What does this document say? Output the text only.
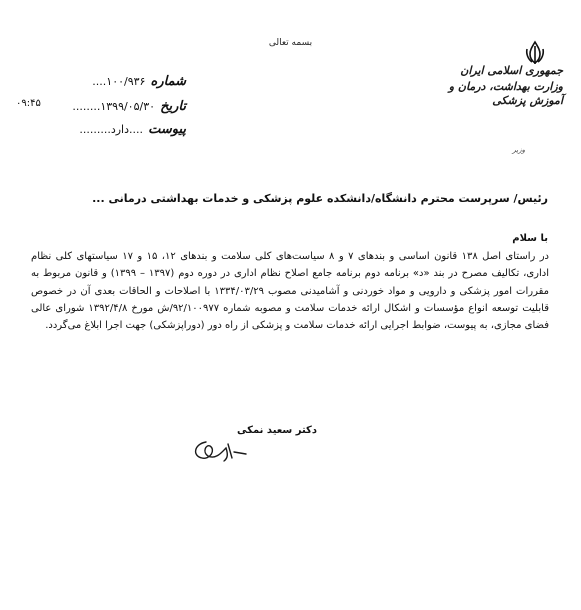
بسمه تعالی
جمهوری اسلامی ایران
وزارت بهداشت، درمان و آموزش پزشکی
وزیر
شماره ۱۰۰/۹۳۶....
تاریخ ۱۳۹۹/۰۵/۳۰........
پیوست ....دارد.........
۰۹:۴۵
رئیس/ سرپرست محترم دانشگاه/دانشکده علوم پزشکی و خدمات بهداشتی درمانی ...
با سلام
در راستای اصل ۱۳۸ قانون اساسی و بندهای ۷ و ۸ سیاست‌های کلی سلامت و بندهای ۱۲، ۱۵ و ۱۷ سیاستهای کلی نظام اداری، تکالیف مصرح در بند «د» برنامه دوم برنامه جامع اصلاح نظام اداری در دوره دوم (۱۳۹۷ – ۱۳۹۹) و قانون مربوط به مقررات امور پزشکی و دارویی و مواد خوردنی و آشامیدنی مصوب ۱۳۳۴/۰۳/۲۹ با اصلاحات و الحاقات بعدی آن در خصوص قابلیت توسعه انواع مؤسسات و اشکال ارائه خدمات سلامت و مصوبه شماره ۹۲/۱۰۰۹۷۷/ش مورخ ۱۳۹۲/۴/۸ شورای عالی فضای مجازی، به پیوست، ضوابط اجرایی ارائه خدمات سلامت و پزشکی از راه دور (دوراپزشکی) جهت اجرا ابلاغ می‌گردد.
دکتر سعید نمکی
